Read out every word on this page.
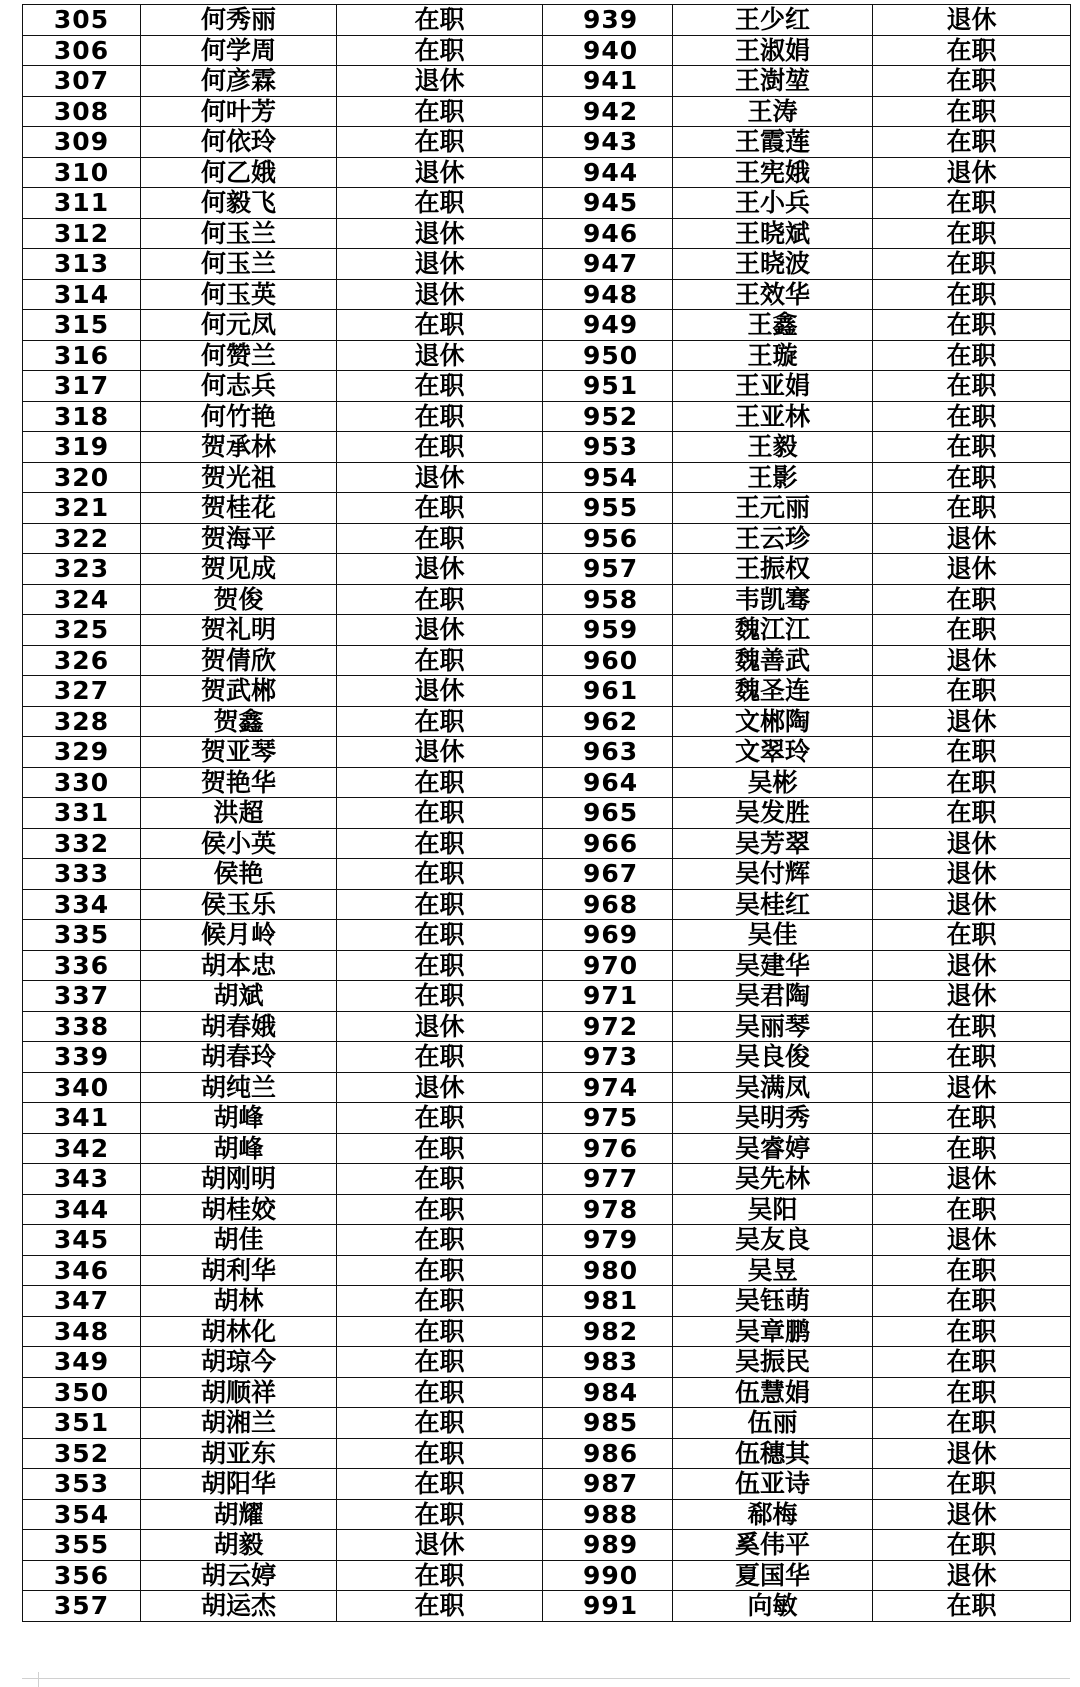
305	何秀丽	在职	939	王少红	退休
306	何学周	在职	940	王淑娟	在职
307	何彦霖	退休	941	王澍堃	在职
308	何叶芳	在职	942	王涛	在职
309	何依玲	在职	943	王霞莲	在职
310	何乙娥	退休	944	王宪娥	退休
311	何毅飞	在职	945	王小兵	在职
312	何玉兰	退休	946	王晓斌	在职
313	何玉兰	退休	947	王晓波	在职
314	何玉英	退休	948	王效华	在职
315	何元凤	在职	949	王鑫	在职
316	何赞兰	退休	950	王璇	在职
317	何志兵	在职	951	王亚娟	在职
318	何竹艳	在职	952	王亚林	在职
319	贺承林	在职	953	王毅	在职
320	贺光祖	退休	954	王影	在职
321	贺桂花	在职	955	王元丽	在职
322	贺海平	在职	956	王云珍	退休
323	贺见成	退休	957	王振权	退休
324	贺俊	在职	958	韦凯骞	在职
325	贺礼明	退休	959	魏江江	在职
326	贺倩欣	在职	960	魏善武	退休
327	贺武郴	退休	961	魏圣连	在职
328	贺鑫	在职	962	文郴陶	退休
329	贺亚琴	退休	963	文翠玲	在职
330	贺艳华	在职	964	吴彬	在职
331	洪超	在职	965	吴发胜	在职
332	侯小英	在职	966	吴芳翠	退休
333	侯艳	在职	967	吴付辉	退休
334	侯玉乐	在职	968	吴桂红	退休
335	候月岭	在职	969	吴佳	在职
336	胡本忠	在职	970	吴建华	退休
337	胡斌	在职	971	吴君陶	退休
338	胡春娥	退休	972	吴丽琴	在职
339	胡春玲	在职	973	吴良俊	在职
340	胡纯兰	退休	974	吴满凤	退休
341	胡峰	在职	975	吴明秀	在职
342	胡峰	在职	976	吴睿婷	在职
343	胡刚明	在职	977	吴先林	退休
344	胡桂姣	在职	978	吴阳	在职
345	胡佳	在职	979	吴友良	退休
346	胡利华	在职	980	吴昱	在职
347	胡林	在职	981	吴钰萌	在职
348	胡林化	在职	982	吴章鹏	在职
349	胡琼今	在职	983	吴振民	在职
350	胡顺祥	在职	984	伍慧娟	在职
351	胡湘兰	在职	985	伍丽	在职
352	胡亚东	在职	986	伍穗其	退休
353	胡阳华	在职	987	伍亚诗	在职
354	胡耀	在职	988	郗梅	退休
355	胡毅	退休	989	奚伟平	在职
356	胡云婷	在职	990	夏国华	退休
357	胡运杰	在职	991	向敏	在职
